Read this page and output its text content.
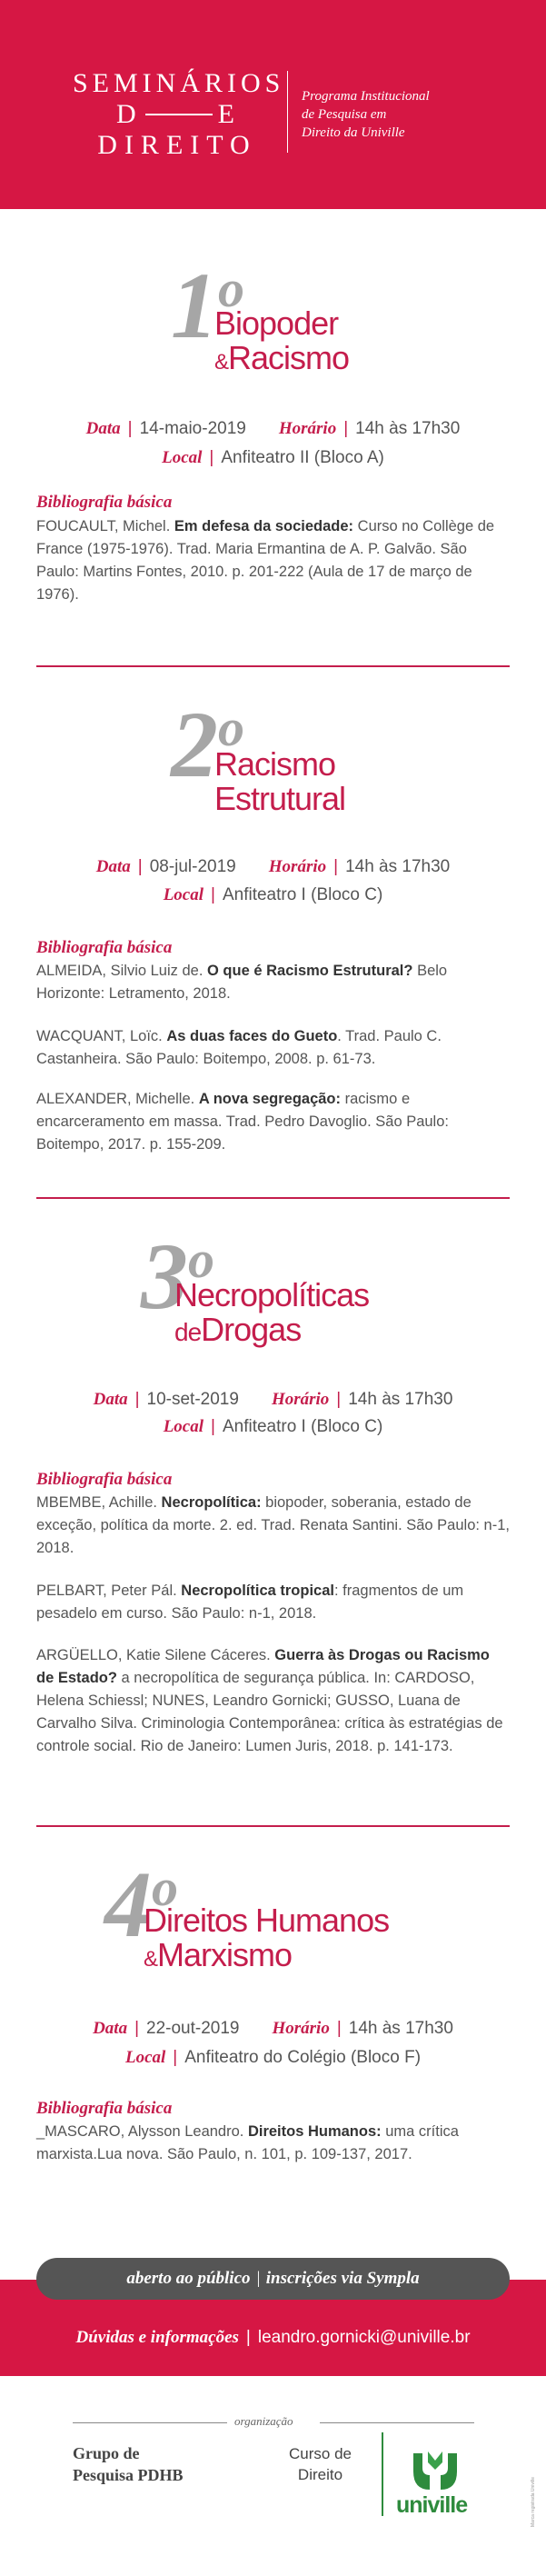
SEMINÁRIOS
D	E
DIREITO
Programa Institucional
de Pesquisa em
Direito da Univille
1$^o$
Biopoder
&Racismo
Data | 14-maio-2019 Horário | 14h às 17h30
Local | Anfiteatro II (Bloco A)
Bibliografia básica
FOUCAULT, Michel. Em defesa da sociedade: Curso no Collège de France (1975-1976). Trad. Maria Ermantina de A. P. Galvão. São Paulo: Martins Fontes, 2010. p. 201-222 (Aula de 17 de março de 1976).
2$^o$
Racismo
Estrutural
Data | 08-jul-2019 Horário | 14h às 17h30
Local | Anfiteatro I (Bloco C)
Bibliografia básica
ALMEIDA, Silvio Luiz de. O que é Racismo Estrutural? Belo Horizonte: Letramento, 2018.
WACQUANT, Loïc. As duas faces do Gueto. Trad. Paulo C. Castanheira. São Paulo: Boitempo, 2008. p. 61-73.
ALEXANDER, Michelle. A nova segregação: racismo e encarceramento em massa. Trad. Pedro Davoglio. São Paulo: Boitempo, 2017. p. 155-209.
3$^o$
Necropolíticas
deDrogas
Data | 10-set-2019 Horário | 14h às 17h30
Local | Anfiteatro I (Bloco C)
Bibliografia básica
MBEMBE, Achille. Necropolítica: biopoder, soberania, estado de exceção, política da morte. 2. ed. Trad. Renata Santini. São Paulo: n-1, 2018.
PELBART, Peter Pál. Necropolítica tropical: fragmentos de um pesadelo em curso. São Paulo: n-1, 2018.
ARGÜELLO, Katie Silene Cáceres. Guerra às Drogas ou Racismo de Estado? a necropolítica de segurança pública. In: CARDOSO, Helena Schiessl; NUNES, Leandro Gornicki; GUSSO, Luana de Carvalho Silva. Criminologia Contemporânea: crítica às estratégias de controle social. Rio de Janeiro: Lumen Juris, 2018. p. 141-173.
4$^o$
Direitos Humanos
&Marxismo
Data | 22-out-2019 Horário | 14h às 17h30
Local | Anfiteatro do Colégio (Bloco F)
Bibliografia básica
_MASCARO, Alysson Leandro. Direitos Humanos: uma crítica marxista.Lua nova. São Paulo, n. 101, p. 109-137, 2017.
aberto ao público | inscrições via Sympla
Dúvidas e informações | leandro.gornicki@univille.br
organização
Grupo de
Pesquisa PDHB
Curso de
Direito
univille	Marca registrada Univille
